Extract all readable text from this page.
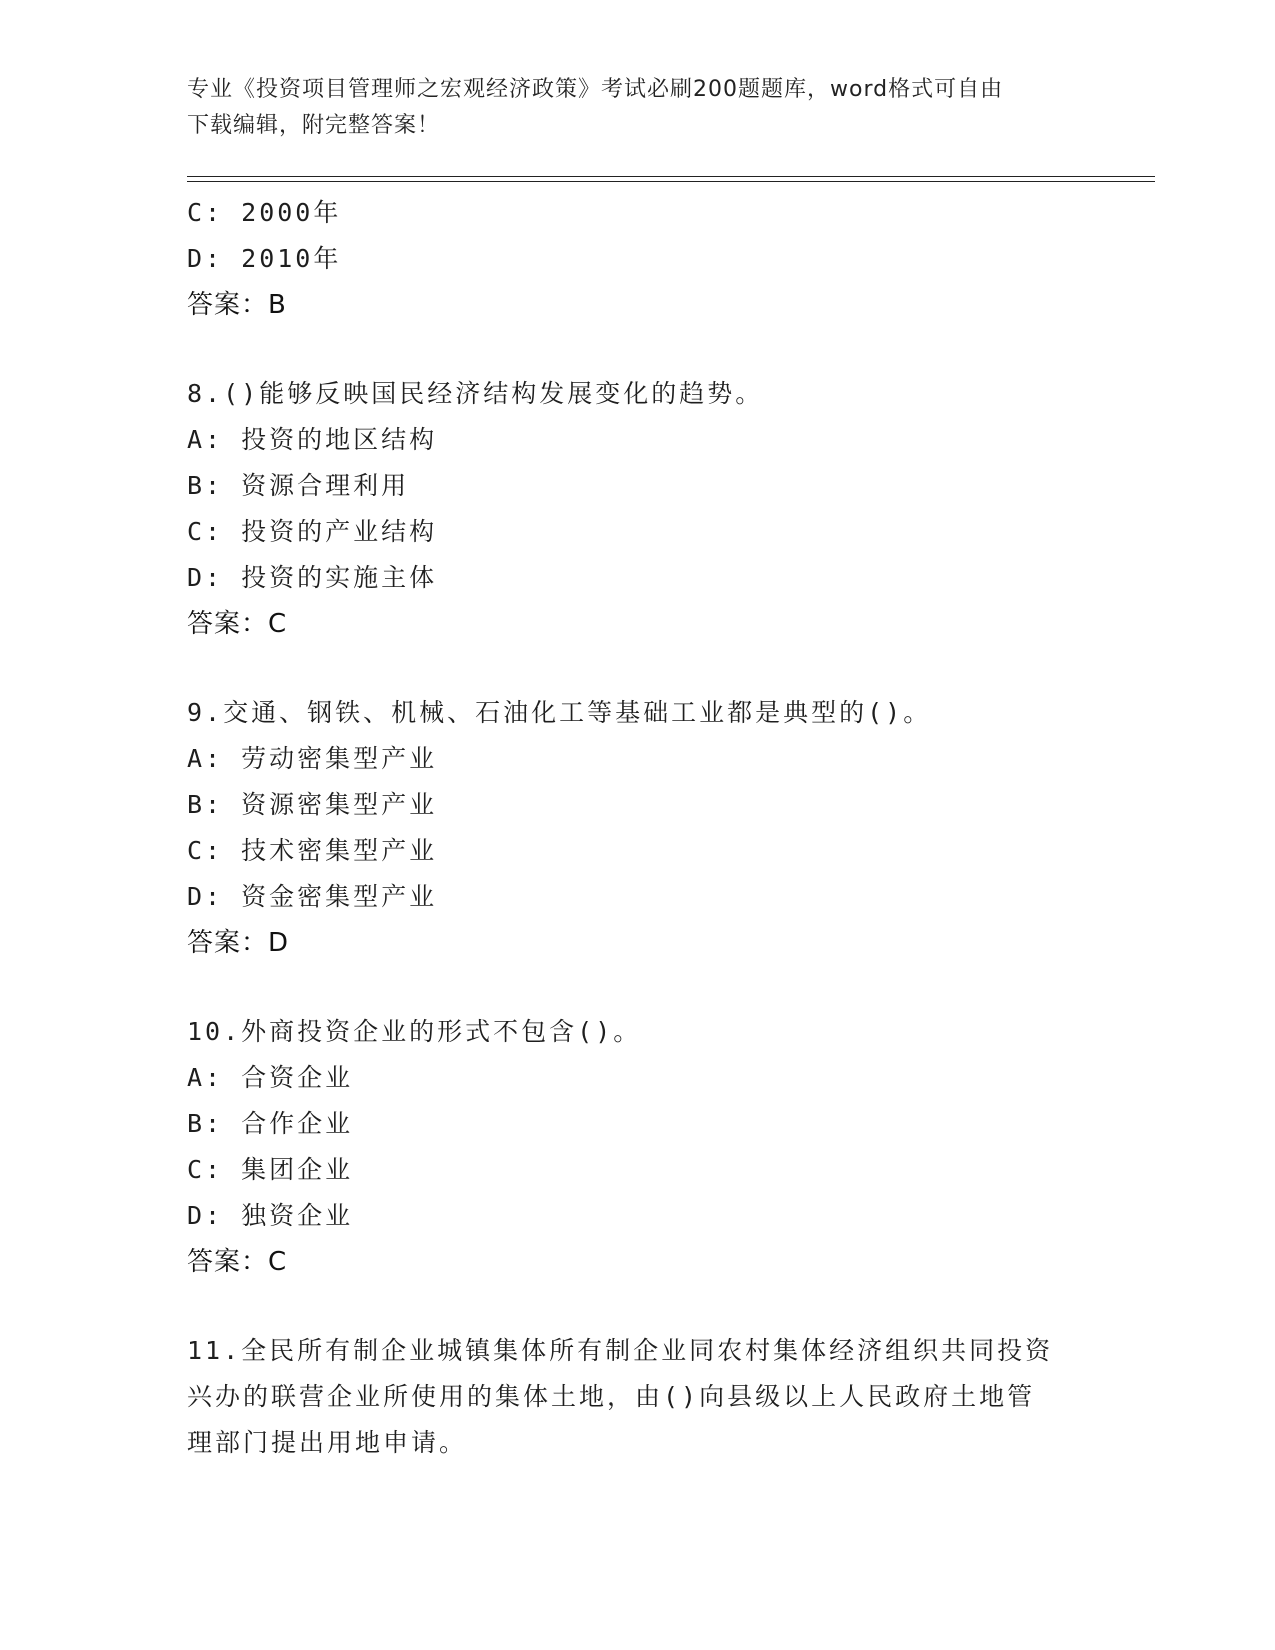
专业《投资项目管理师之宏观经济政策》考试必刷200题题库，word格式可自由
下载编辑，附完整答案！
C: 2000年
D: 2010年
答案：B
8.()能够反映国民经济结构发展变化的趋势。
A: 投资的地区结构
B: 资源合理利用
C: 投资的产业结构
D: 投资的实施主体
答案：C
9.交通、钢铁、机械、石油化工等基础工业都是典型的()。
A: 劳动密集型产业
B: 资源密集型产业
C: 技术密集型产业
D: 资金密集型产业
答案：D
10.外商投资企业的形式不包含()。
A: 合资企业
B: 合作企业
C: 集团企业
D: 独资企业
答案：C
11.全民所有制企业城镇集体所有制企业同农村集体经济组织共同投资
兴办的联营企业所使用的集体土地，由()向县级以上人民政府土地管
理部门提出用地申请。
